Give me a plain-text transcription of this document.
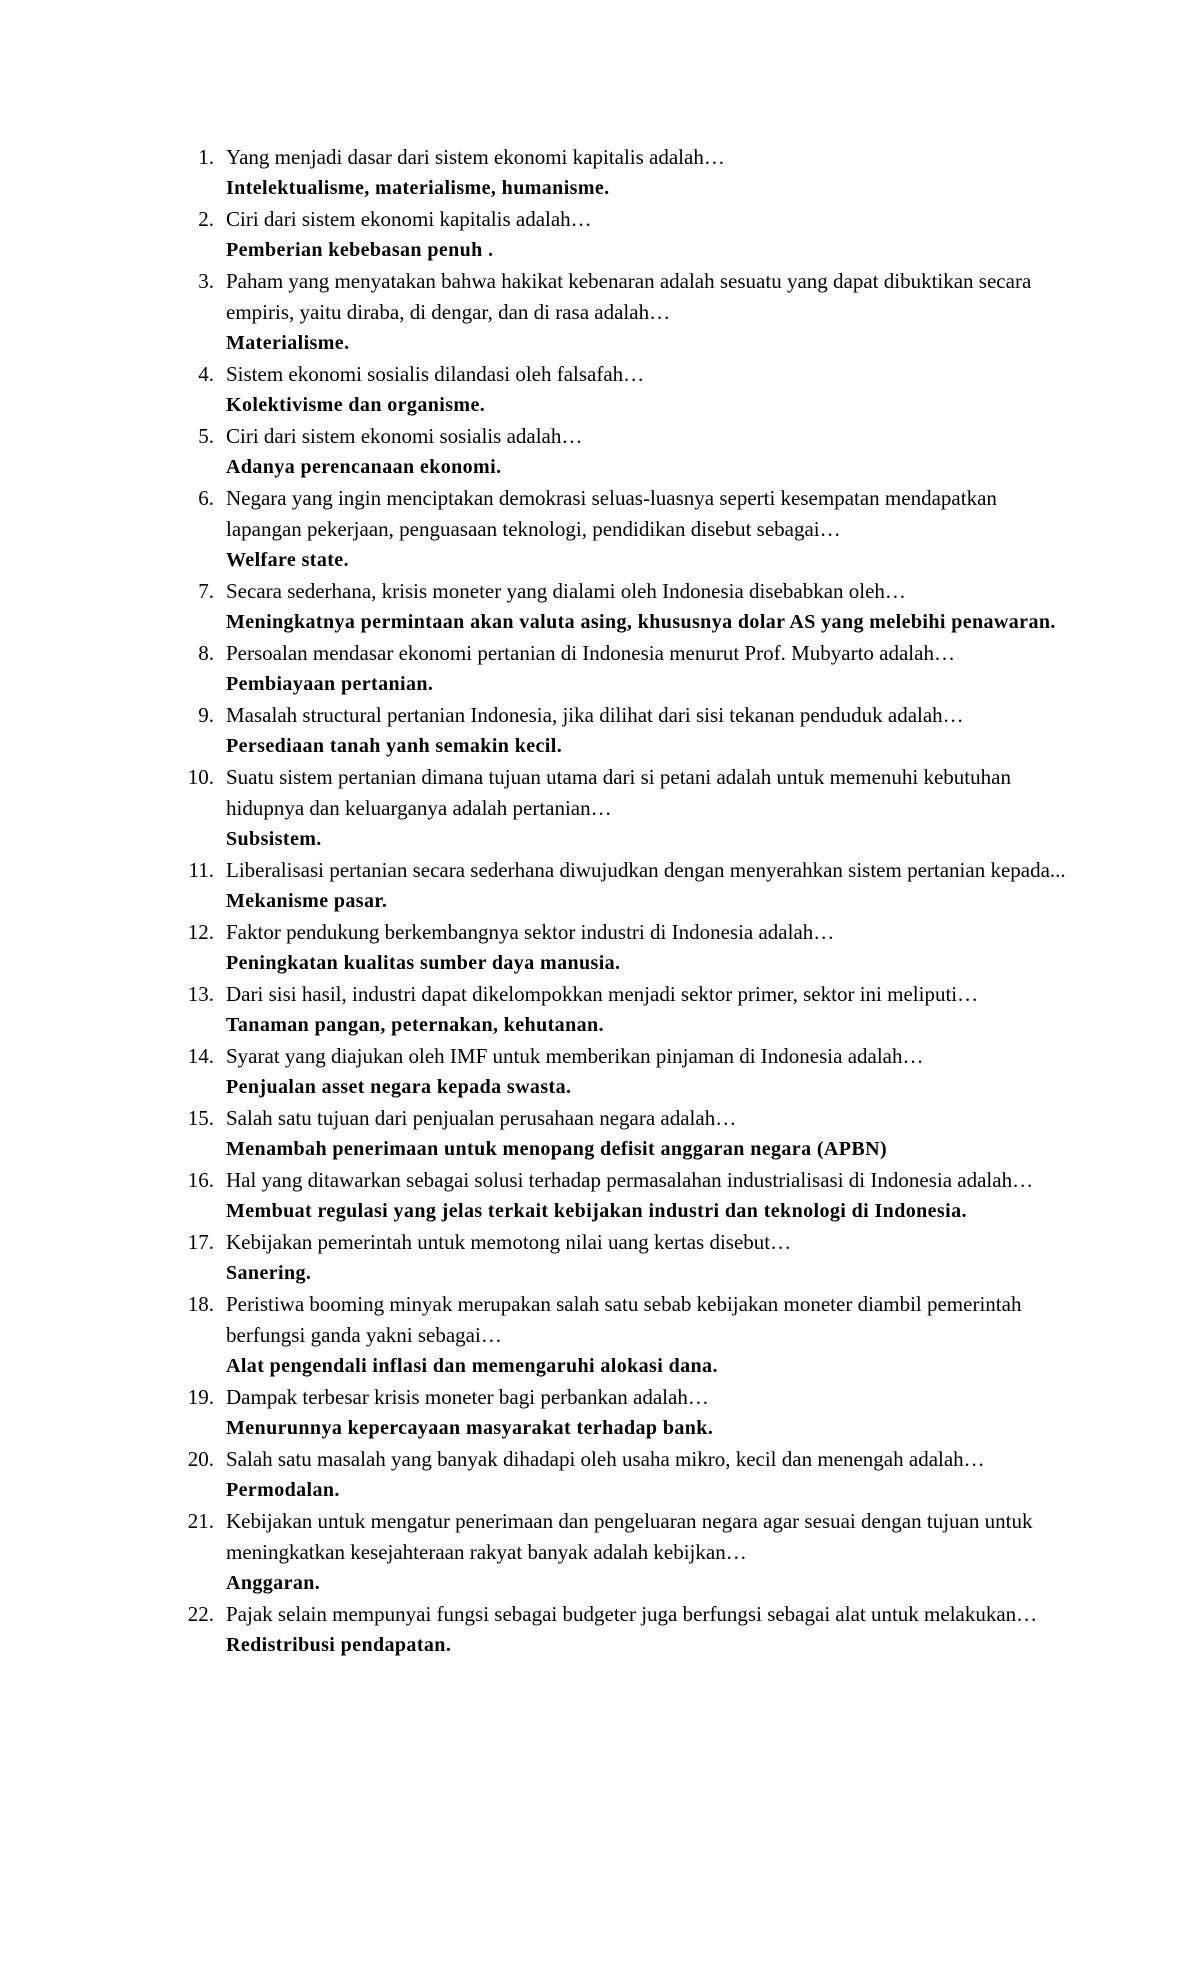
1. Yang menjadi dasar dari sistem ekonomi kapitalis adalah…
Intelektualisme, materialisme, humanisme.
2. Ciri dari sistem ekonomi kapitalis adalah…
Pemberian kebebasan penuh .
3. Paham yang menyatakan bahwa hakikat kebenaran adalah sesuatu yang dapat dibuktikan secara empiris, yaitu diraba, di dengar, dan di rasa adalah…
Materialisme.
4. Sistem ekonomi sosialis dilandasi oleh falsafah…
Kolektivisme dan organisme.
5. Ciri dari sistem ekonomi sosialis adalah…
Adanya perencanaan ekonomi.
6. Negara yang ingin menciptakan demokrasi seluas-luasnya seperti kesempatan mendapatkan lapangan pekerjaan, penguasaan teknologi, pendidikan disebut sebagai…
Welfare state.
7. Secara sederhana, krisis moneter yang dialami oleh Indonesia disebabkan oleh…
Meningkatnya permintaan akan valuta asing, khususnya dolar AS yang melebihi penawaran.
8. Persoalan mendasar ekonomi pertanian di Indonesia menurut Prof. Mubyarto adalah…
Pembiayaan pertanian.
9. Masalah structural pertanian Indonesia, jika dilihat dari sisi tekanan penduduk adalah…
Persediaan tanah yanh semakin kecil.
10. Suatu sistem pertanian dimana tujuan utama dari si petani adalah untuk memenuhi kebutuhan hidupnya dan keluarganya adalah pertanian…
Subsistem.
11. Liberalisasi pertanian secara sederhana diwujudkan dengan menyerahkan sistem pertanian kepada...
Mekanisme pasar.
12. Faktor pendukung berkembangnya sektor industri di Indonesia adalah…
Peningkatan kualitas sumber daya manusia.
13. Dari sisi hasil, industri dapat dikelompokkan menjadi sektor primer, sektor ini meliputi…
Tanaman pangan, peternakan, kehutanan.
14. Syarat yang diajukan oleh IMF untuk memberikan pinjaman di Indonesia adalah…
Penjualan asset negara kepada swasta.
15. Salah satu tujuan dari penjualan perusahaan negara adalah…
Menambah penerimaan untuk menopang defisit anggaran negara (APBN)
16. Hal yang ditawarkan sebagai solusi terhadap permasalahan industrialisasi di Indonesia adalah…
Membuat regulasi yang jelas terkait kebijakan industri dan teknologi di Indonesia.
17. Kebijakan pemerintah untuk memotong nilai uang kertas disebut…
Sanering.
18. Peristiwa booming minyak merupakan salah satu sebab kebijakan moneter diambil pemerintah berfungsi ganda yakni sebagai…
Alat pengendali inflasi dan memengaruhi alokasi dana.
19. Dampak terbesar krisis moneter bagi perbankan adalah…
Menurunnya kepercayaan masyarakat terhadap bank.
20. Salah satu masalah yang banyak dihadapi oleh usaha mikro, kecil dan menengah adalah…
Permodalan.
21. Kebijakan untuk mengatur penerimaan dan pengeluaran negara agar sesuai dengan tujuan untuk meningkatkan kesejahteraan rakyat banyak adalah kebijkan…
Anggaran.
22. Pajak selain mempunyai fungsi sebagai budgeter juga berfungsi sebagai alat untuk melakukan…
Redistribusi pendapatan.
